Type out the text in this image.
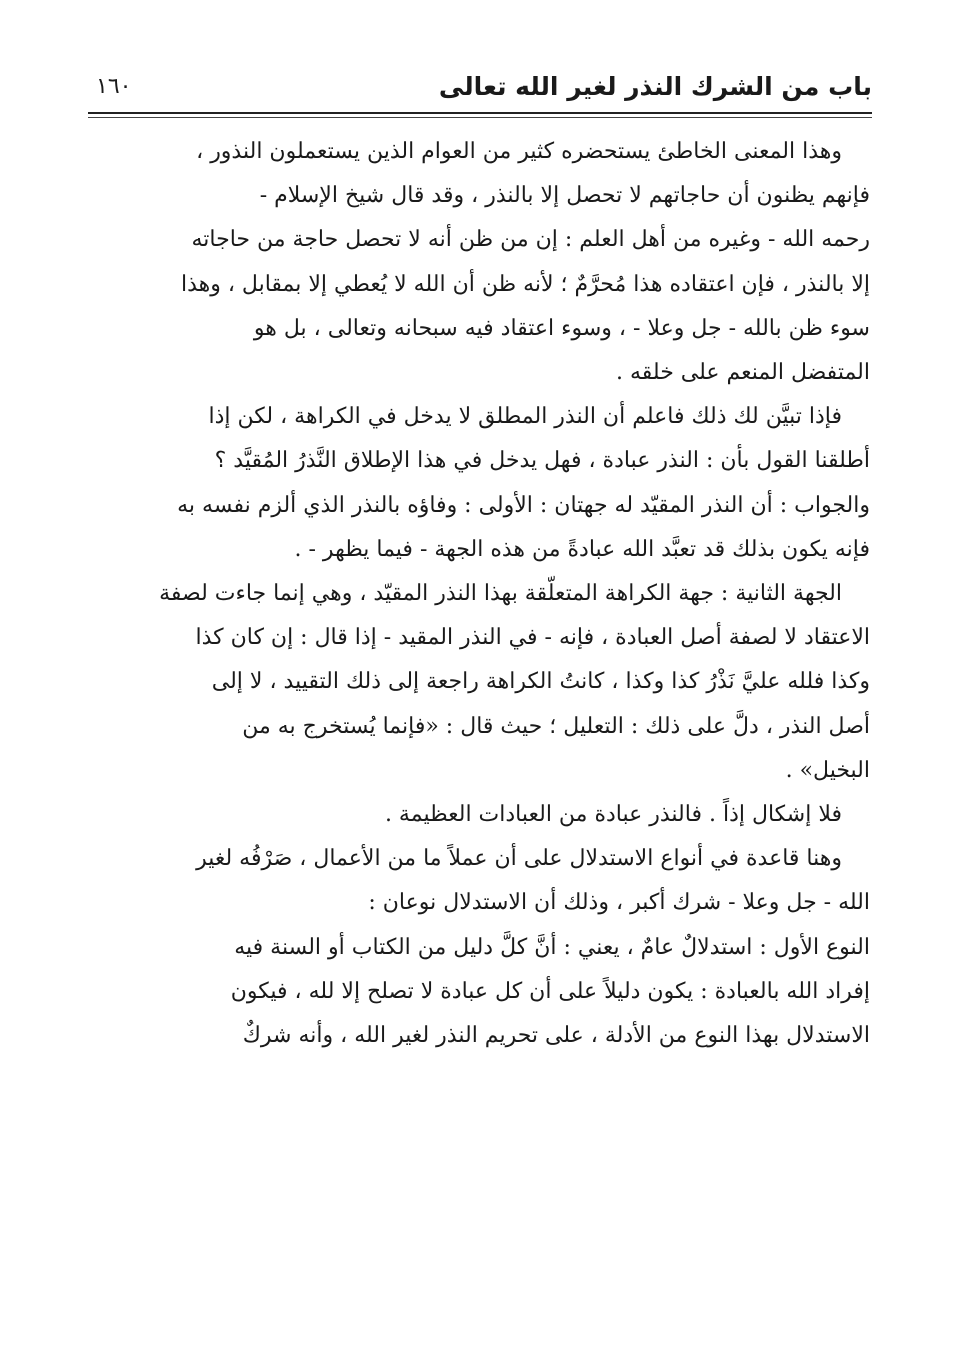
باب من الشرك النذر لغير الله تعالى
١٦٠
وهذا المعنى الخاطئ يستحضره كثير من العوام الذين يستعملون النذور ،
فإنهم يظنون أن حاجاتهم لا تحصل إلا بالنذر ، وقد قال شيخ الإسلام -
رحمه الله - وغيره من أهل العلم : إن من ظن أنه لا تحصل حاجة من حاجاته
إلا بالنذر ، فإن اعتقاده هذا مُحرَّمٌ ؛ لأنه ظن أن الله لا يُعطي إلا بمقابل ، وهذا
سوء ظن بالله - جل وعلا - ، وسوء اعتقاد فيه سبحانه وتعالى ، بل هو
المتفضل المنعم على خلقه .
فإذا تبيَّن لك ذلك فاعلم أن النذر المطلق لا يدخل في الكراهة ، لكن إذا
أطلقنا القول بأن : النذر عبادة ، فهل يدخل في هذا الإطلاق النَّذرُ المُقيَّد ؟
والجواب : أن النذر المقيّد له جهتان : الأولى : وفاؤه بالنذر الذي ألزم نفسه به
فإنه يكون بذلك قد تعبَّد الله عبادةً من هذه الجهة - فيما يظهر - .
الجهة الثانية : جهة الكراهة المتعلّقة بهذا النذر المقيّد ، وهي إنما جاءت لصفة
الاعتقاد لا لصفة أصل العبادة ، فإنه - في النذر المقيد - إذا قال : إن كان كذا
وكذا فلله عليَّ نَذْرُ كذا وكذا ، كانتُ الكراهة راجعة إلى ذلك التقييد ، لا إلى
أصل النذر ، دلَّ على ذلك : التعليل ؛ حيث قال : «فإنما يُستخرج به من
البخيل» .
فلا إشكال إذاً . فالنذر عبادة من العبادات العظيمة .
وهنا قاعدة في أنواع الاستدلال على أن عملاً ما من الأعمال ، صَرْفُه لغير
الله - جل وعلا - شرك أكبر ، وذلك أن الاستدلال نوعان :
النوع الأول : استدلالٌ عامٌ ، يعني : أنَّ كلَّ دليل من الكتاب أو السنة فيه
إفراد الله بالعبادة : يكون دليلاً على أن كل عبادة لا تصلح إلا لله ، فيكون
الاستدلال بهذا النوع من الأدلة ، على تحريم النذر لغير الله ، وأنه شركٌ
